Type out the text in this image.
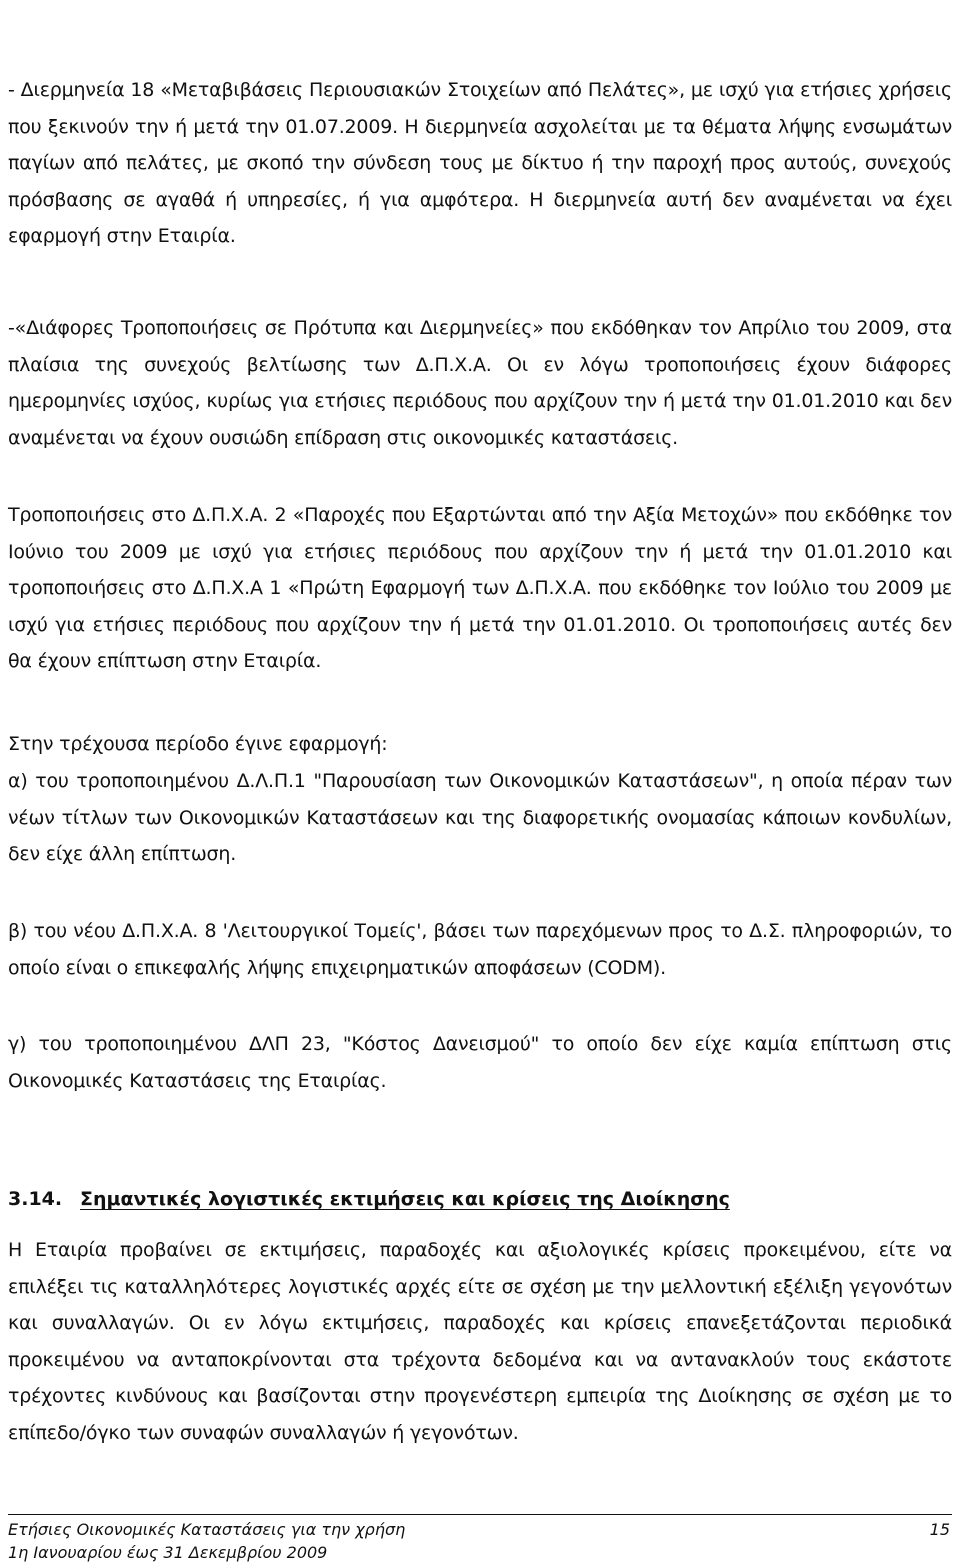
- Διερμηνεία 18 «Μεταβιβάσεις Περιουσιακών Στοιχείων από Πελάτες», με ισχύ για ετήσιες χρήσεις που ξεκινούν την ή μετά την 01.07.2009. Η διερμηνεία ασχολείται με τα θέματα λήψης ενσωμάτων παγίων από πελάτες, με σκοπό την σύνδεση τους με δίκτυο ή την παροχή προς αυτούς, συνεχούς πρόσβασης σε αγαθά ή υπηρεσίες, ή για αμφότερα. Η διερμηνεία αυτή δεν αναμένεται να έχει εφαρμογή στην Εταιρία.

-«Διάφορες Τροποποιήσεις σε Πρότυπα και Διερμηνείες» που εκδόθηκαν τον Απρίλιο του 2009, στα πλαίσια της συνεχούς βελτίωσης των Δ.Π.Χ.Α. Οι εν λόγω τροποποιήσεις έχουν διάφορες ημερομηνίες ισχύος, κυρίως για ετήσιες περιόδους που αρχίζουν την ή μετά την 01.01.2010 και δεν αναμένεται να έχουν ουσιώδη επίδραση στις οικονομικές καταστάσεις.

Τροποποιήσεις στο Δ.Π.Χ.Α. 2 «Παροχές που Εξαρτώνται από την Αξία Μετοχών» που εκδόθηκε τον Ιούνιο του 2009 με ισχύ για ετήσιες περιόδους που αρχίζουν την ή μετά την 01.01.2010 και τροποποιήσεις στο Δ.Π.Χ.Α 1 «Πρώτη Εφαρμογή των Δ.Π.Χ.Α. που εκδόθηκε τον Ιούλιο του 2009 με ισχύ για ετήσιες περιόδους που αρχίζουν την ή μετά την 01.01.2010. Οι τροποποιήσεις αυτές δεν θα έχουν επίπτωση στην Εταιρία.

Στην τρέχουσα περίοδο έγινε εφαρμογή:

α) του τροποποιημένου Δ.Λ.Π.1 "Παρουσίαση των Οικονομικών Καταστάσεων", η οποία πέραν των νέων τίτλων των Οικονομικών Καταστάσεων και της διαφορετικής ονομασίας κάποιων κονδυλίων, δεν είχε άλλη επίπτωση.

β) του νέου Δ.Π.Χ.Α. 8 'Λειτουργικοί Τομείς', βάσει των παρεχόμενων προς το Δ.Σ. πληροφοριών, το οποίο είναι ο επικεφαλής λήψης επιχειρηματικών αποφάσεων (CODM).

γ) του τροποποιημένου ΔΛΠ 23, "Κόστος Δανεισμού" το οποίο δεν είχε καμία επίπτωση στις Οικονομικές Καταστάσεις της Εταιρίας.

3.14. Σημαντικές λογιστικές εκτιμήσεις και κρίσεις της Διοίκησης

Η Εταιρία προβαίνει σε εκτιμήσεις, παραδοχές και αξιολογικές κρίσεις προκειμένου, είτε να επιλέξει τις καταλληλότερες λογιστικές αρχές είτε σε σχέση με την μελλοντική εξέλιξη γεγονότων και συναλλαγών. Οι εν λόγω εκτιμήσεις, παραδοχές και κρίσεις επανεξετάζονται περιοδικά προκειμένου να ανταποκρίνονται στα τρέχοντα δεδομένα και να αντανακλούν τους εκάστοτε τρέχοντες κινδύνους και βασίζονται στην προγενέστερη εμπειρία της Διοίκησης σε σχέση με το επίπεδο/όγκο των συναφών συναλλαγών ή γεγονότων.

Ετήσιες Οικονομικές Καταστάσεις για την χρήση	15
1η Ιανουαρίου έως 31 Δεκεμβρίου 2009
